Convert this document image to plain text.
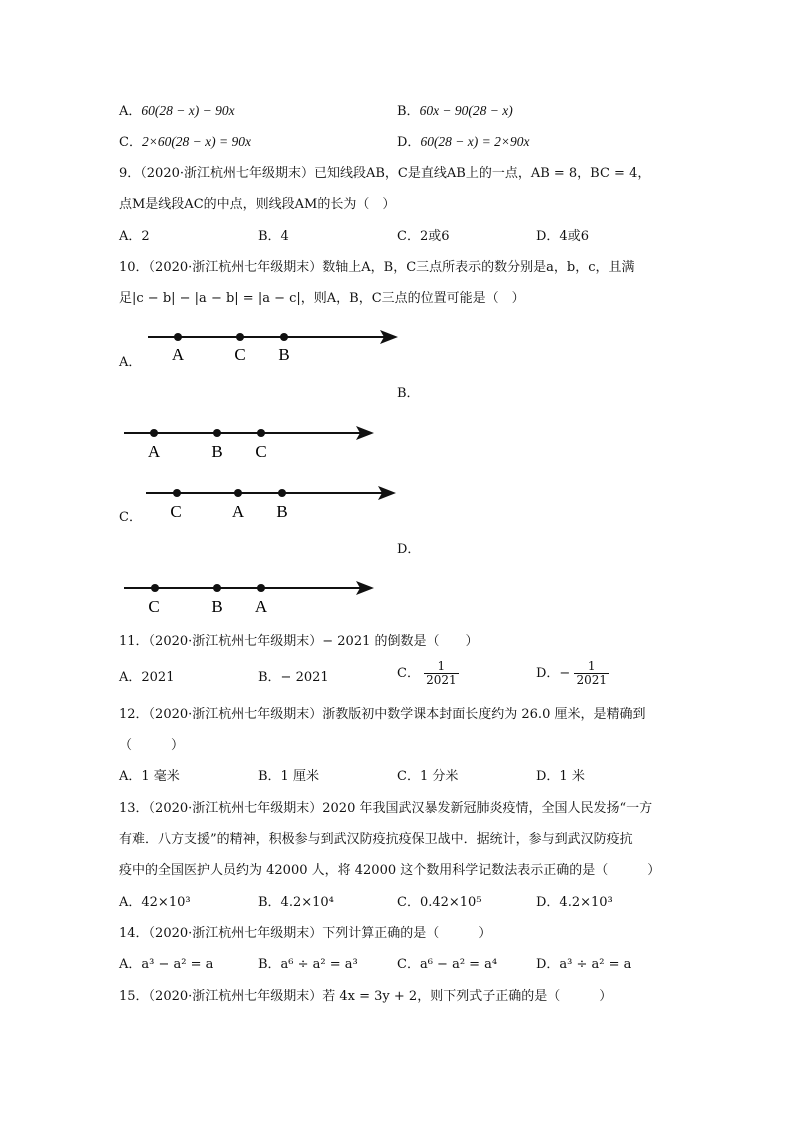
A．60(28 − x) − 90x	B．60x − 90(28 − x)
C．2×60(28 − x) = 90x	D．60(28 − x) = 2×90x
9．（2020·浙江杭州七年级期末）已知线段AB，C是直线AB上的一点，AB = 8，BC = 4，
点M是线段AC的中点，则线段AM的长为（　）
A．2	B．4	C．2或6	D．4或6
10．（2020·浙江杭州七年级期末）数轴上A，B，C三点所表示的数分别是a，b，c，且满
足|c − b| − |a − b| = |a − c|，则A，B，C三点的位置可能是（　）
A．
B．
C．
D．
A	C B
A	B C
C	A B
C	B A
11．（2020·浙江杭州七年级期末）− 2021 的倒数是（　　）
A．2021	B．− 2021	C． $\frac{1}{2021}$	D．− $\frac{1}{2021}$
12．（2020·浙江杭州七年级期末）浙教版初中数学课本封面长度约为 26.0 厘米，是精确到
（　　　）
A．1 毫米	B．1 厘米	C．1 分米	D．1 米
13．（2020·浙江杭州七年级期末）2020 年我国武汉暴发新冠肺炎疫情，全国人民发扬“一方
有难．八方支援”的精神，积极参与到武汉防疫抗疫保卫战中．据统计，参与到武汉防疫抗
疫中的全国医护人员约为 42000 人，将 42000 这个数用科学记数法表示正确的是（　　　）
A．42×10³	B．4.2×10⁴	C．0.42×10⁵	D．4.2×10³
14．（2020·浙江杭州七年级期末）下列计算正确的是（　　　）
A．a³ − a² = a	B．a⁶ ÷ a² = a³	C．a⁶ − a² = a⁴	D．a³ ÷ a² = a
15．（2020·浙江杭州七年级期末）若 4x = 3y + 2，则下列式子正确的是（　　　）
